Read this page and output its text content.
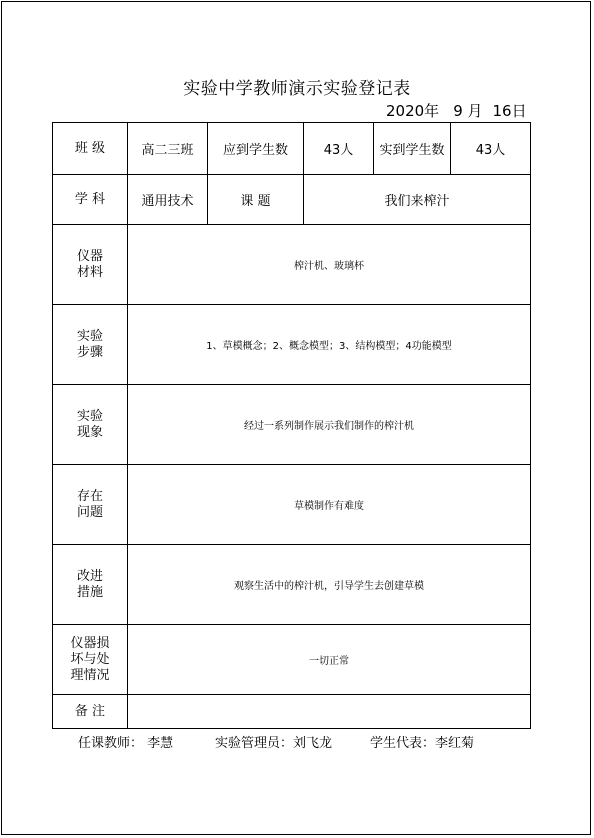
实验中学教师演示实验登记表
2020年 9 月 16日
班 级	高二三班	应到学生数	43人	实到学生数	43人
学 科	通用技术	课 题	我们来榨汁		

仪器
材料	榨汁机、玻璃杯				

实验
步骤	1、草模概念；2、概念模型；3、结构模型；4功能模型				

实验
现象	经过一系列制作展示我们制作的榨汁机				

存在
问题	草模制作有难度				

改进
措施	观察生活中的榨汁机，引导学生去创建草模				

仪器损
坏与处
理情况	一切正常				
备 注					
任课教师： 李慧	实验管理员：刘飞龙	学生代表：李红菊
